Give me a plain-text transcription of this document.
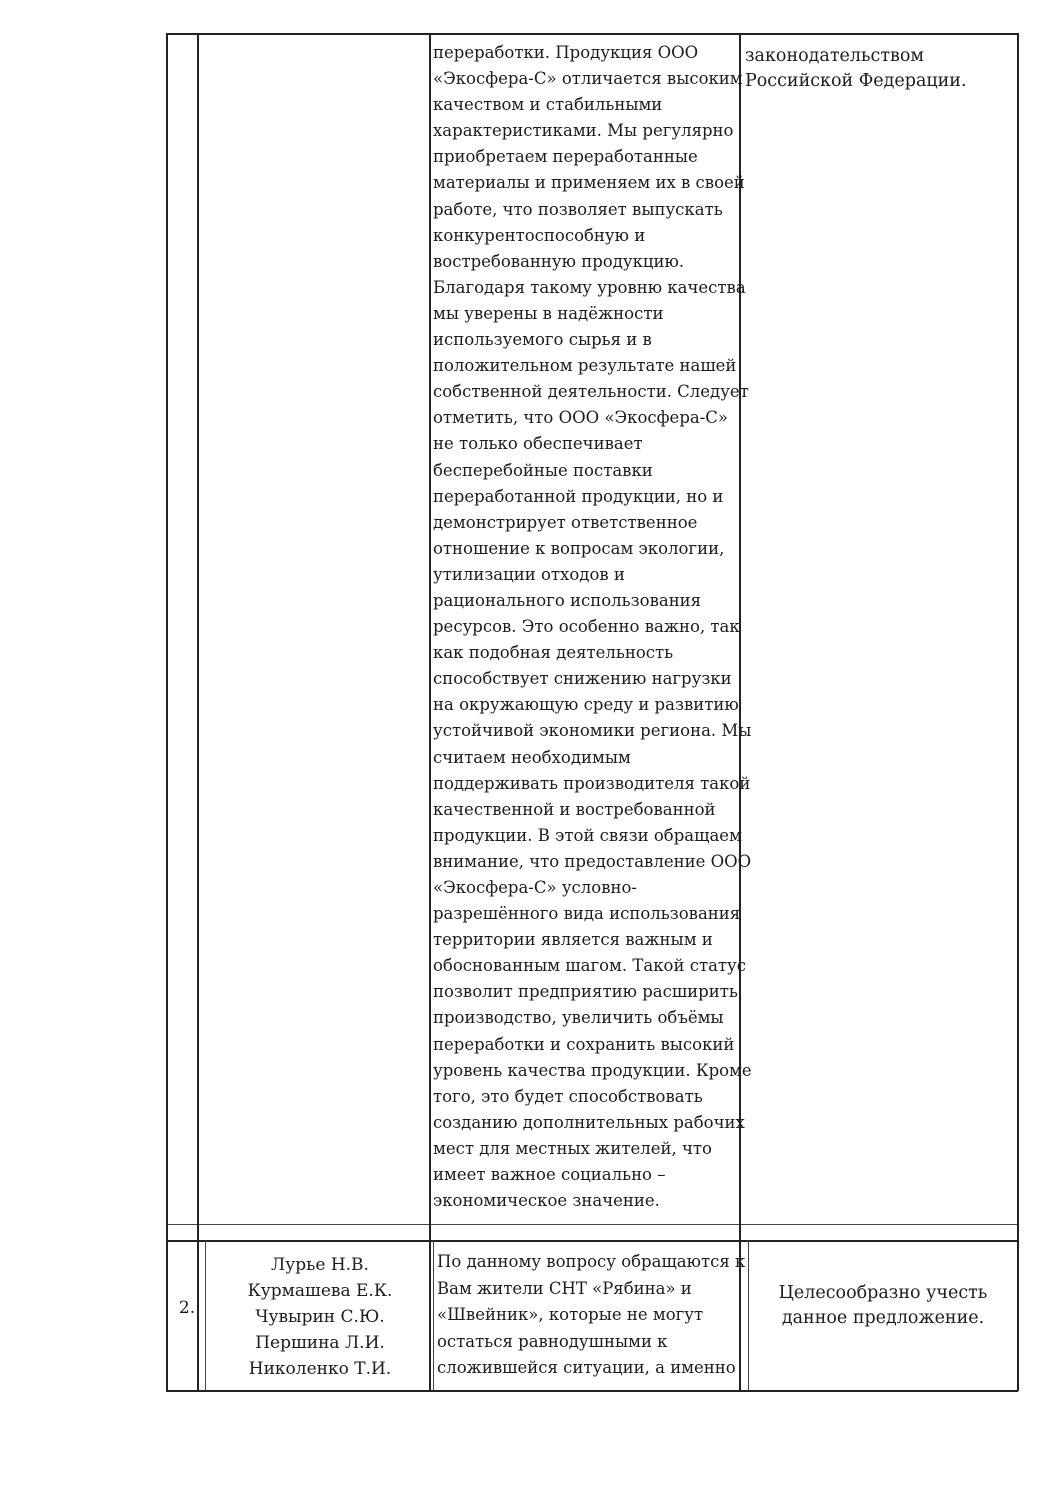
переработки. Продукция ООО
«Экосфера-С» отличается высоким
качеством и стабильными
характеристиками. Мы регулярно
приобретаем переработанные
материалы и применяем их в своей
работе, что позволяет выпускать
конкурентоспособную и
востребованную продукцию.
Благодаря такому уровню качества
мы уверены в надёжности
используемого сырья и в
положительном результате нашей
собственной деятельности. Следует
отметить, что ООО «Экосфера-С»
не только обеспечивает
бесперебойные поставки
переработанной продукции, но и
демонстрирует ответственное
отношение к вопросам экологии,
утилизации отходов и
рационального использования
ресурсов. Это особенно важно, так
как подобная деятельность
способствует снижению нагрузки
на окружающую среду и развитию
устойчивой экономики региона. Мы
считаем необходимым
поддерживать производителя такой
качественной и востребованной
продукции. В этой связи обращаем
внимание, что предоставление ООО
«Экосфера-С» условно-
разрешённого вида использования
территории является важным и
обоснованным шагом. Такой статус
позволит предприятию расширить
производство, увеличить объёмы
переработки и сохранить высокий
уровень качества продукции. Кроме
того, это будет способствовать
созданию дополнительных рабочих
мест для местных жителей, что
имеет важное социально –
экономическое значение.
законодательством
Российской Федерации.
2.
Лурье Н.В.
Курмашева Е.К.
Чувырин С.Ю.
Першина Л.И.
Николенко Т.И.
По данному вопросу обращаются к
Вам жители СНТ «Рябина» и
«Швейник», которые не могут
остаться равнодушными к
сложившейся ситуации, а именно
Целесообразно учесть
данное предложение.
